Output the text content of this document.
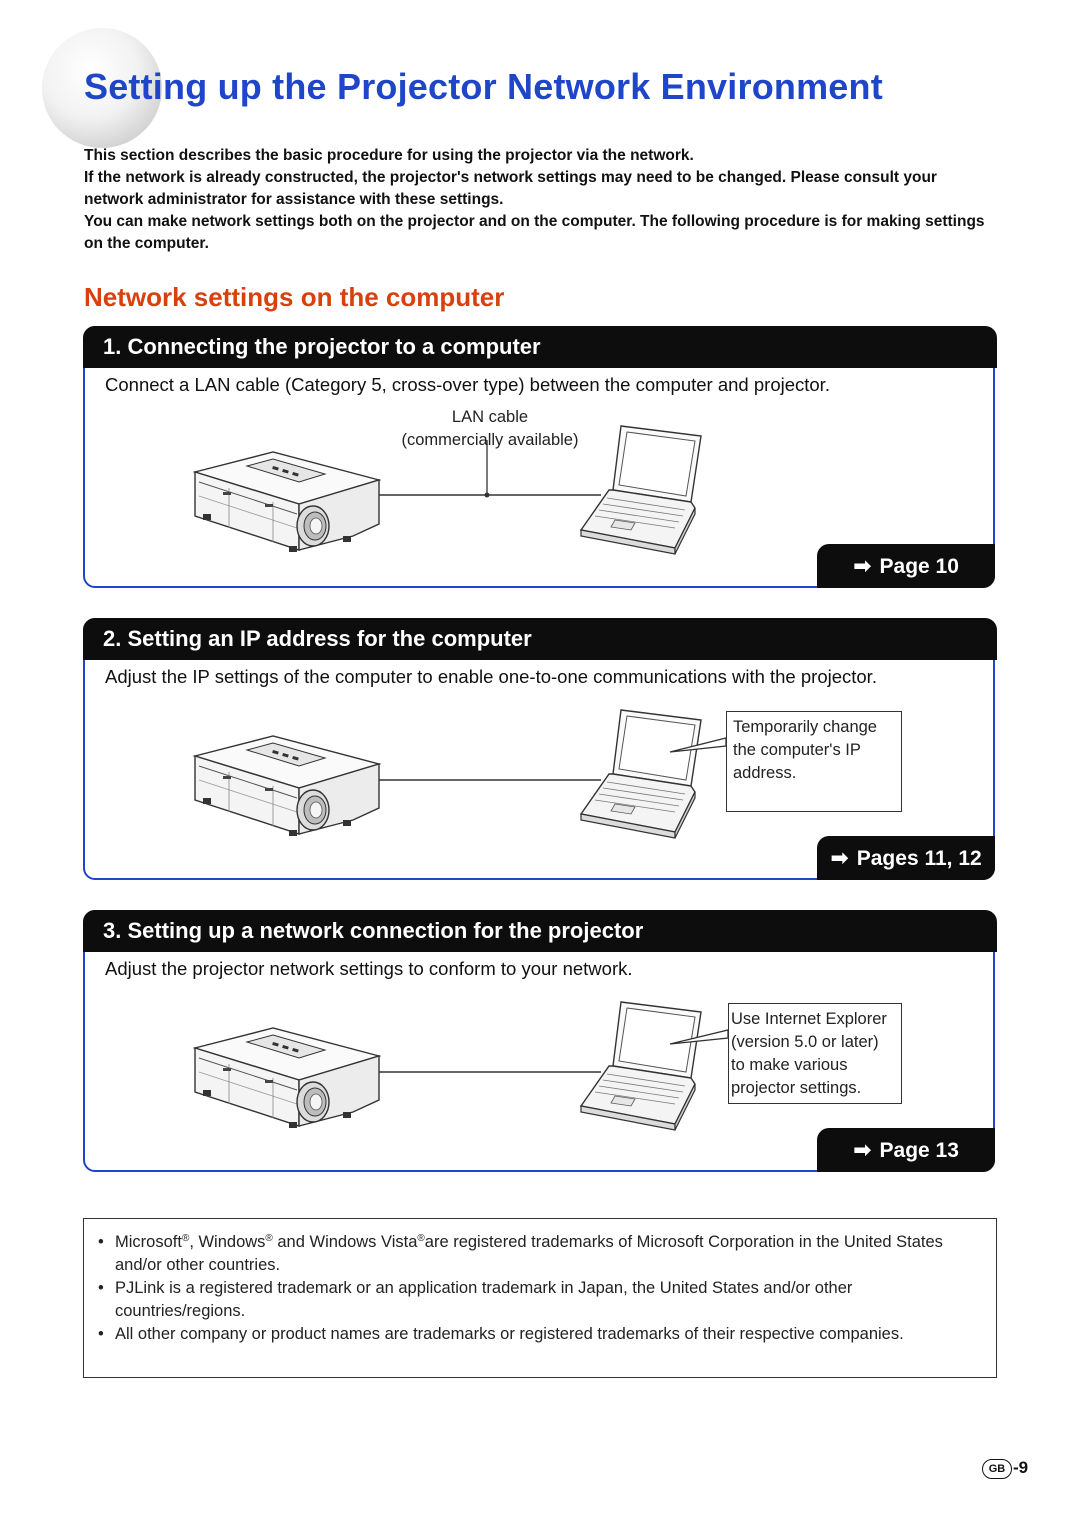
Setting up the Projector Network Environment

This section describes the basic procedure for using the projector via the network.

If the network is already constructed, the projector's network settings may need to be changed. Please consult your network administrator for assistance with these settings.

You can make network settings both on the projector and on the computer. The following procedure is for making settings on the computer.

Network settings on the computer
1. Connecting the projector to a computer
Connect a LAN cable (Category 5, cross-over type) between the computer and projector.
LAN cable
(commercially available)
➡ Page 10
2. Setting an IP address for the computer
Adjust the IP settings of the computer to enable one-to-one communications with the projector.
Temporarily change
the computer's IP
address.
➡ Pages 11, 12
3. Setting up a network connection for the projector
Adjust the projector network settings to conform to your network.
Use Internet Explorer
(version 5.0 or later)
to make various
projector settings.
➡ Page 13
• Microsoft®, Windows® and Windows Vista®are registered trademarks of Microsoft Corporation in the United States and/or other countries.
• PJLink is a registered trademark or an application trademark in Japan, the United States and/or other countries/regions.
• All other company or product names are trademarks or registered trademarks of their respective companies.
GB -9
